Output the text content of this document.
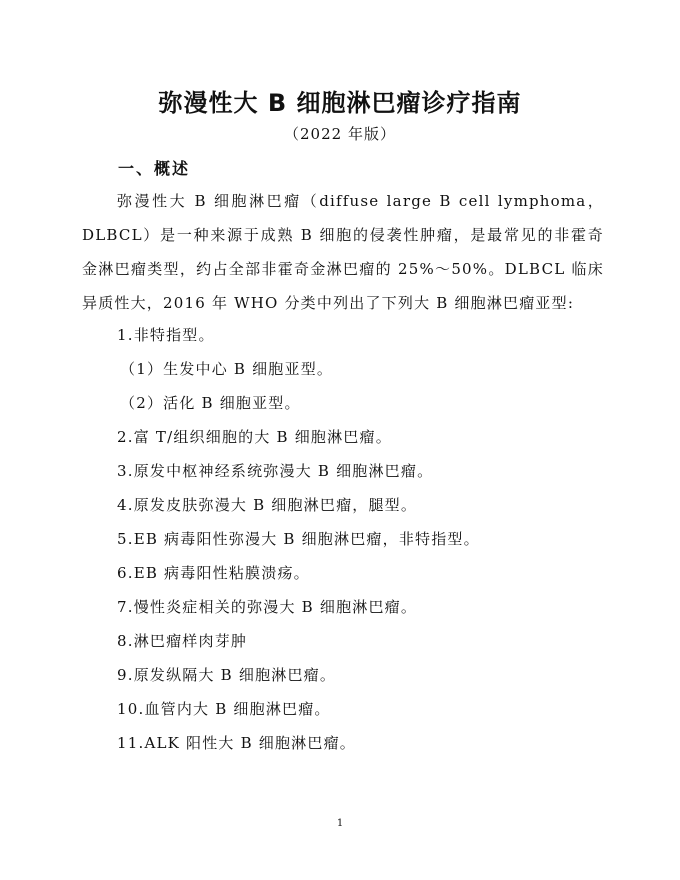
弥漫性大 B 细胞淋巴瘤诊疗指南
（2022 年版）
一、概述
弥漫性大 B 细胞淋巴瘤（diffuse large B cell lymphoma，DLBCL）是一种来源于成熟 B 细胞的侵袭性肿瘤，是最常见的非霍奇金淋巴瘤类型，约占全部非霍奇金淋巴瘤的 25%～50%。DLBCL 临床异质性大，2016 年 WHO 分类中列出了下列大 B 细胞淋巴瘤亚型:
1.非特指型。
（1）生发中心 B 细胞亚型。
（2）活化 B 细胞亚型。
2.富 T/组织细胞的大 B 细胞淋巴瘤。
3.原发中枢神经系统弥漫大 B 细胞淋巴瘤。
4.原发皮肤弥漫大 B 细胞淋巴瘤，腿型。
5.EB 病毒阳性弥漫大 B 细胞淋巴瘤，非特指型。
6.EB 病毒阳性粘膜溃疡。
7.慢性炎症相关的弥漫大 B 细胞淋巴瘤。
8.淋巴瘤样肉芽肿
9.原发纵隔大 B 细胞淋巴瘤。
10.血管内大 B 细胞淋巴瘤。
11.ALK 阳性大 B 细胞淋巴瘤。
1
